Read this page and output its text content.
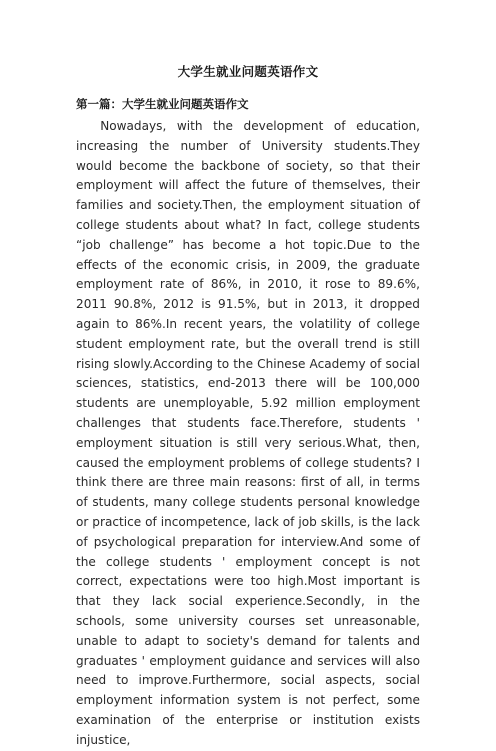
大学生就业问题英语作文
第一篇：大学生就业问题英语作文

Nowadays, with the development of education, increasing the number of University students.They would become the backbone of society, so that their employment will affect the future of themselves, their families and society.Then, the employment situation of college students about what? In fact, college students “job challenge” has become a hot topic.Due to the effects of the economic crisis, in 2009, the graduate employment rate of 86%, in 2010, it rose to 89.6%, 2011 90.8%, 2012 is 91.5%, but in 2013, it dropped again to 86%.In recent years, the volatility of college student employment rate, but the overall trend is still rising slowly.According to the Chinese Academy of social sciences, statistics, end-2013 there will be 100,000 students are unemployable, 5.92 million employment challenges that students face.Therefore, students ' employment situation is still very serious.What, then, caused the employment problems of college students? I think there are three main reasons: first of all, in terms of students, many college students personal knowledge or practice of incompetence, lack of job skills, is the lack of psychological preparation for interview.And some of the college students ' employment concept is not correct, expectations were too high.Most important is that they lack social experience.Secondly, in the schools, some university courses set unreasonable, unable to adapt to society's demand for talents and graduates ' employment guidance and services will also need to improve.Furthermore, social aspects, social employment information system is not perfect, some examination of the enterprise or institution exists injustice,
